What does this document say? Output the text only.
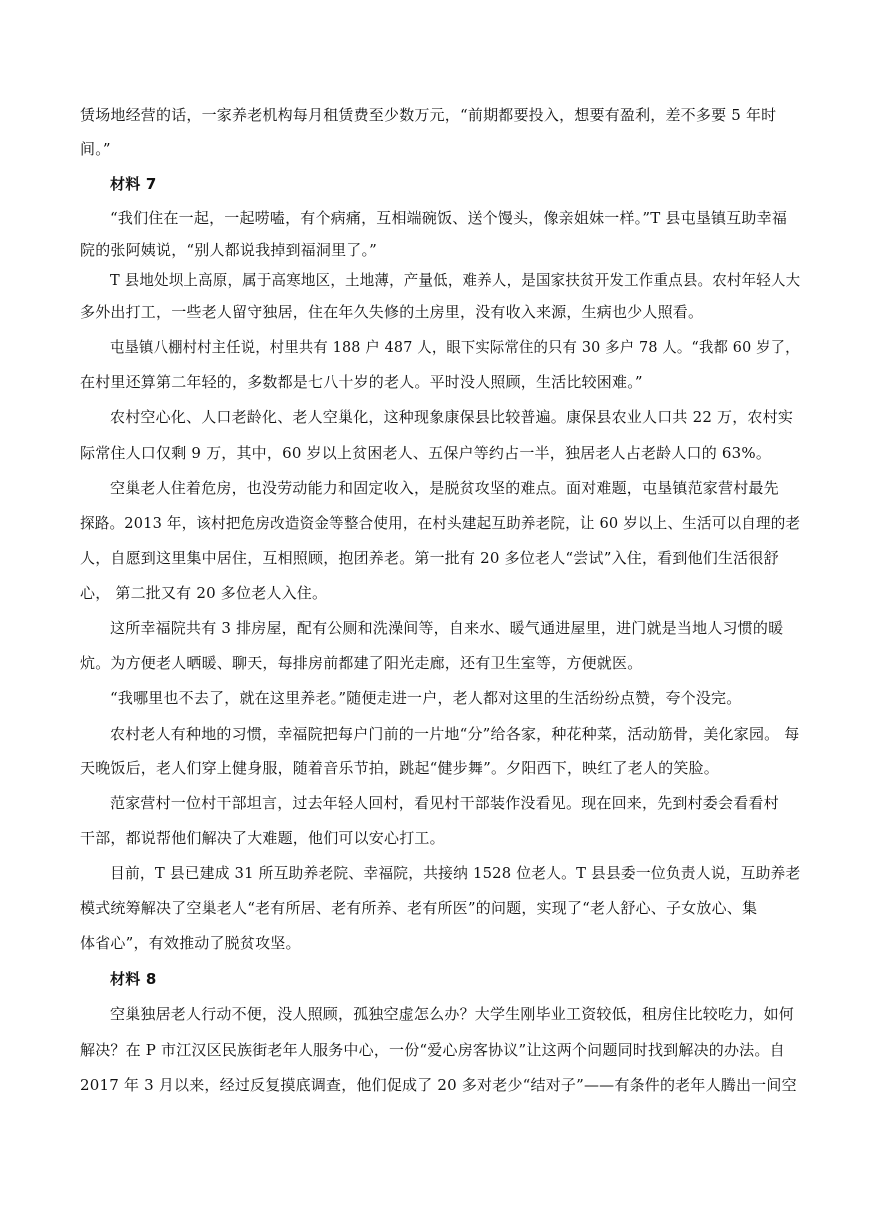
赁场地经营的话，一家养老机构每月租赁费至少数万元，“前期都要投入，想要有盈利，差不多要 5 年时
间。”
材料 7
“我们住在一起，一起唠嗑，有个病痛，互相端碗饭、送个馒头，像亲姐妹一样。”T 县屯垦镇互助幸福
院的张阿姨说，“别人都说我掉到福洞里了。”
T 县地处坝上高原，属于高寒地区，土地薄，产量低，难养人，是国家扶贫开发工作重点县。农村年轻人大
多外出打工，一些老人留守独居，住在年久失修的土房里，没有收入来源，生病也少人照看。
屯垦镇八棚村村主任说，村里共有 188 户 487 人，眼下实际常住的只有 30 多户 78 人。“我都 60 岁了，
在村里还算第二年轻的，多数都是七八十岁的老人。平时没人照顾，生活比较困难。”
农村空心化、人口老龄化、老人空巢化，这种现象康保县比较普遍。康保县农业人口共 22 万，农村实
际常住人口仅剩 9 万，其中，60 岁以上贫困老人、五保户等约占一半，独居老人占老龄人口的 63%。
空巢老人住着危房，也没劳动能力和固定收入，是脱贫攻坚的难点。面对难题，屯垦镇范家营村最先
探路。2013 年，该村把危房改造资金等整合使用，在村头建起互助养老院，让 60 岁以上、生活可以自理的老
人，自愿到这里集中居住，互相照顾，抱团养老。第一批有 20 多位老人“尝试”入住，看到他们生活很舒
心， 第二批又有 20 多位老人入住。
这所幸福院共有 3 排房屋，配有公厕和洗澡间等，自来水、暖气通进屋里，进门就是当地人习惯的暖
炕。为方便老人晒暖、聊天，每排房前都建了阳光走廊，还有卫生室等，方便就医。
“我哪里也不去了，就在这里养老。”随便走进一户，老人都对这里的生活纷纷点赞，夸个没完。
农村老人有种地的习惯，幸福院把每户门前的一片地“分”给各家，种花种菜，活动筋骨，美化家园。 每
天晚饭后，老人们穿上健身服，随着音乐节拍，跳起“健步舞”。夕阳西下，映红了老人的笑脸。
范家营村一位村干部坦言，过去年轻人回村，看见村干部装作没看见。现在回来，先到村委会看看村
干部，都说帮他们解决了大难题，他们可以安心打工。
目前，T 县已建成 31 所互助养老院、幸福院，共接纳 1528 位老人。T 县县委一位负责人说，互助养老
模式统筹解决了空巢老人“老有所居、老有所养、老有所医”的问题，实现了“老人舒心、子女放心、集
体省心”，有效推动了脱贫攻坚。
材料 8
空巢独居老人行动不便，没人照顾，孤独空虚怎么办？大学生刚毕业工资较低，租房住比较吃力，如何
解决？在 P 市江汉区民族街老年人服务中心，一份“爱心房客协议”让这两个问题同时找到解决的办法。自
2017 年 3 月以来，经过反复摸底调查，他们促成了 20 多对老少“结对子”——有条件的老年人腾出一间空
